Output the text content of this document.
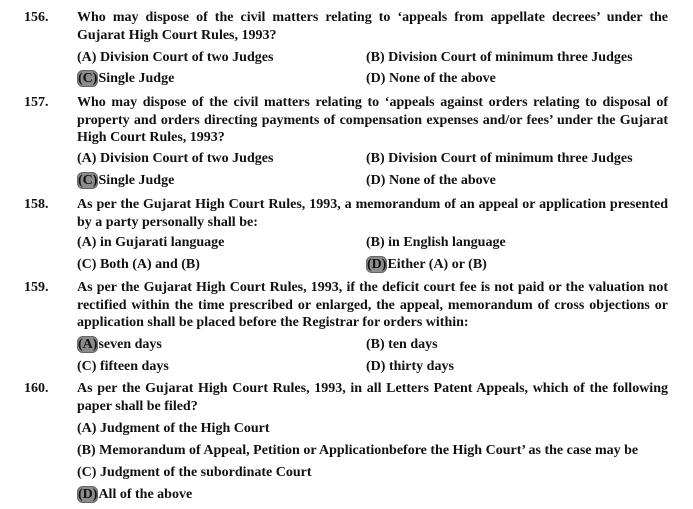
156. Who may dispose of the civil matters relating to ‘appeals from appellate decrees’ under the Gujarat High Court Rules, 1993?
(A) Division Court of two Judges	(B) Division Court of minimum three Judges
(C)Single Judge	(D) None of the above
157. Who may dispose of the civil matters relating to ‘appeals against orders relating to disposal of property and orders directing payments of compensation expenses and/or fees’ under the Gujarat High Court Rules, 1993?
(A) Division Court of two Judges	(B) Division Court of minimum three Judges
(C)Single Judge	(D) None of the above
158. As per the Gujarat High Court Rules, 1993, a memorandum of an appeal or application presented by a party personally shall be:
(A) in Gujarati language	(B) in English language
(C) Both (A) and (B)	(D)Either (A) or (B)
159. As per the Gujarat High Court Rules, 1993, if the deficit court fee is not paid or the valuation not rectified within the time prescribed or enlarged, the appeal, memorandum of cross objections or application shall be placed before the Registrar for orders within:
(A)seven days	(B) ten days
(C) fifteen days	(D) thirty days
160. As per the Gujarat High Court Rules, 1993, in all Letters Patent Appeals, which of the following paper shall be filed?
(A) Judgment of the High Court
(B) Memorandum of Appeal, Petition or Applicationbefore the High Court’ as the case may be
(C) Judgment of the subordinate Court
(D)All of the above
